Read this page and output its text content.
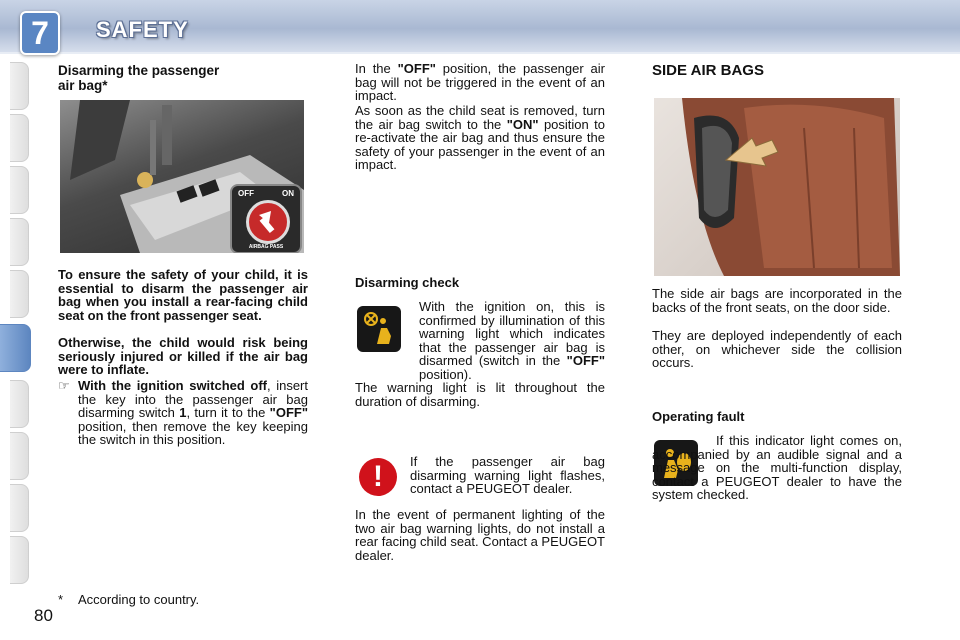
7	SAFETY
Disarming the passenger
air bag*
OFF	ON
AIRBAG PASS
To ensure the safety of your child, it is essential to disarm the passenger air bag when you install a rear-facing child seat on the front passenger seat.
Otherwise, the child would risk being seriously injured or killed if the air bag were to inflate.
☞ With the ignition switched off, insert the key into the passenger air bag disarming switch 1, turn it to the "OFF" position, then remove the key keeping the switch in this position.
In the "OFF" position, the passenger air bag will not be triggered in the event of an impact.
As soon as the child seat is removed, turn the air bag switch to the "ON" position to re-activate the air bag and thus ensure the safety of your passenger in the event of an impact.
Disarming check
With the ignition on, this is confirmed by illumination of this warning light which indicates that the passenger air bag is disarmed (switch in the "OFF" position).
The warning light is lit throughout the duration of disarming.
!	If the passenger air bag disarming warning light flashes, contact a PEUGEOT dealer.
In the event of permanent lighting of the two air bag warning lights, do not install a rear facing child seat. Contact a PEUGEOT dealer.
SIDE AIR BAGS
The side air bags are incorporated in the backs of the front seats, on the door side.
They are deployed independently of each other, on whichever side the collision occurs.
Operating fault
If this indicator light comes on, accompanied by an audible signal and a message on the multi-function display, contact a PEUGEOT dealer to have the system checked.
*	According to country.
80
